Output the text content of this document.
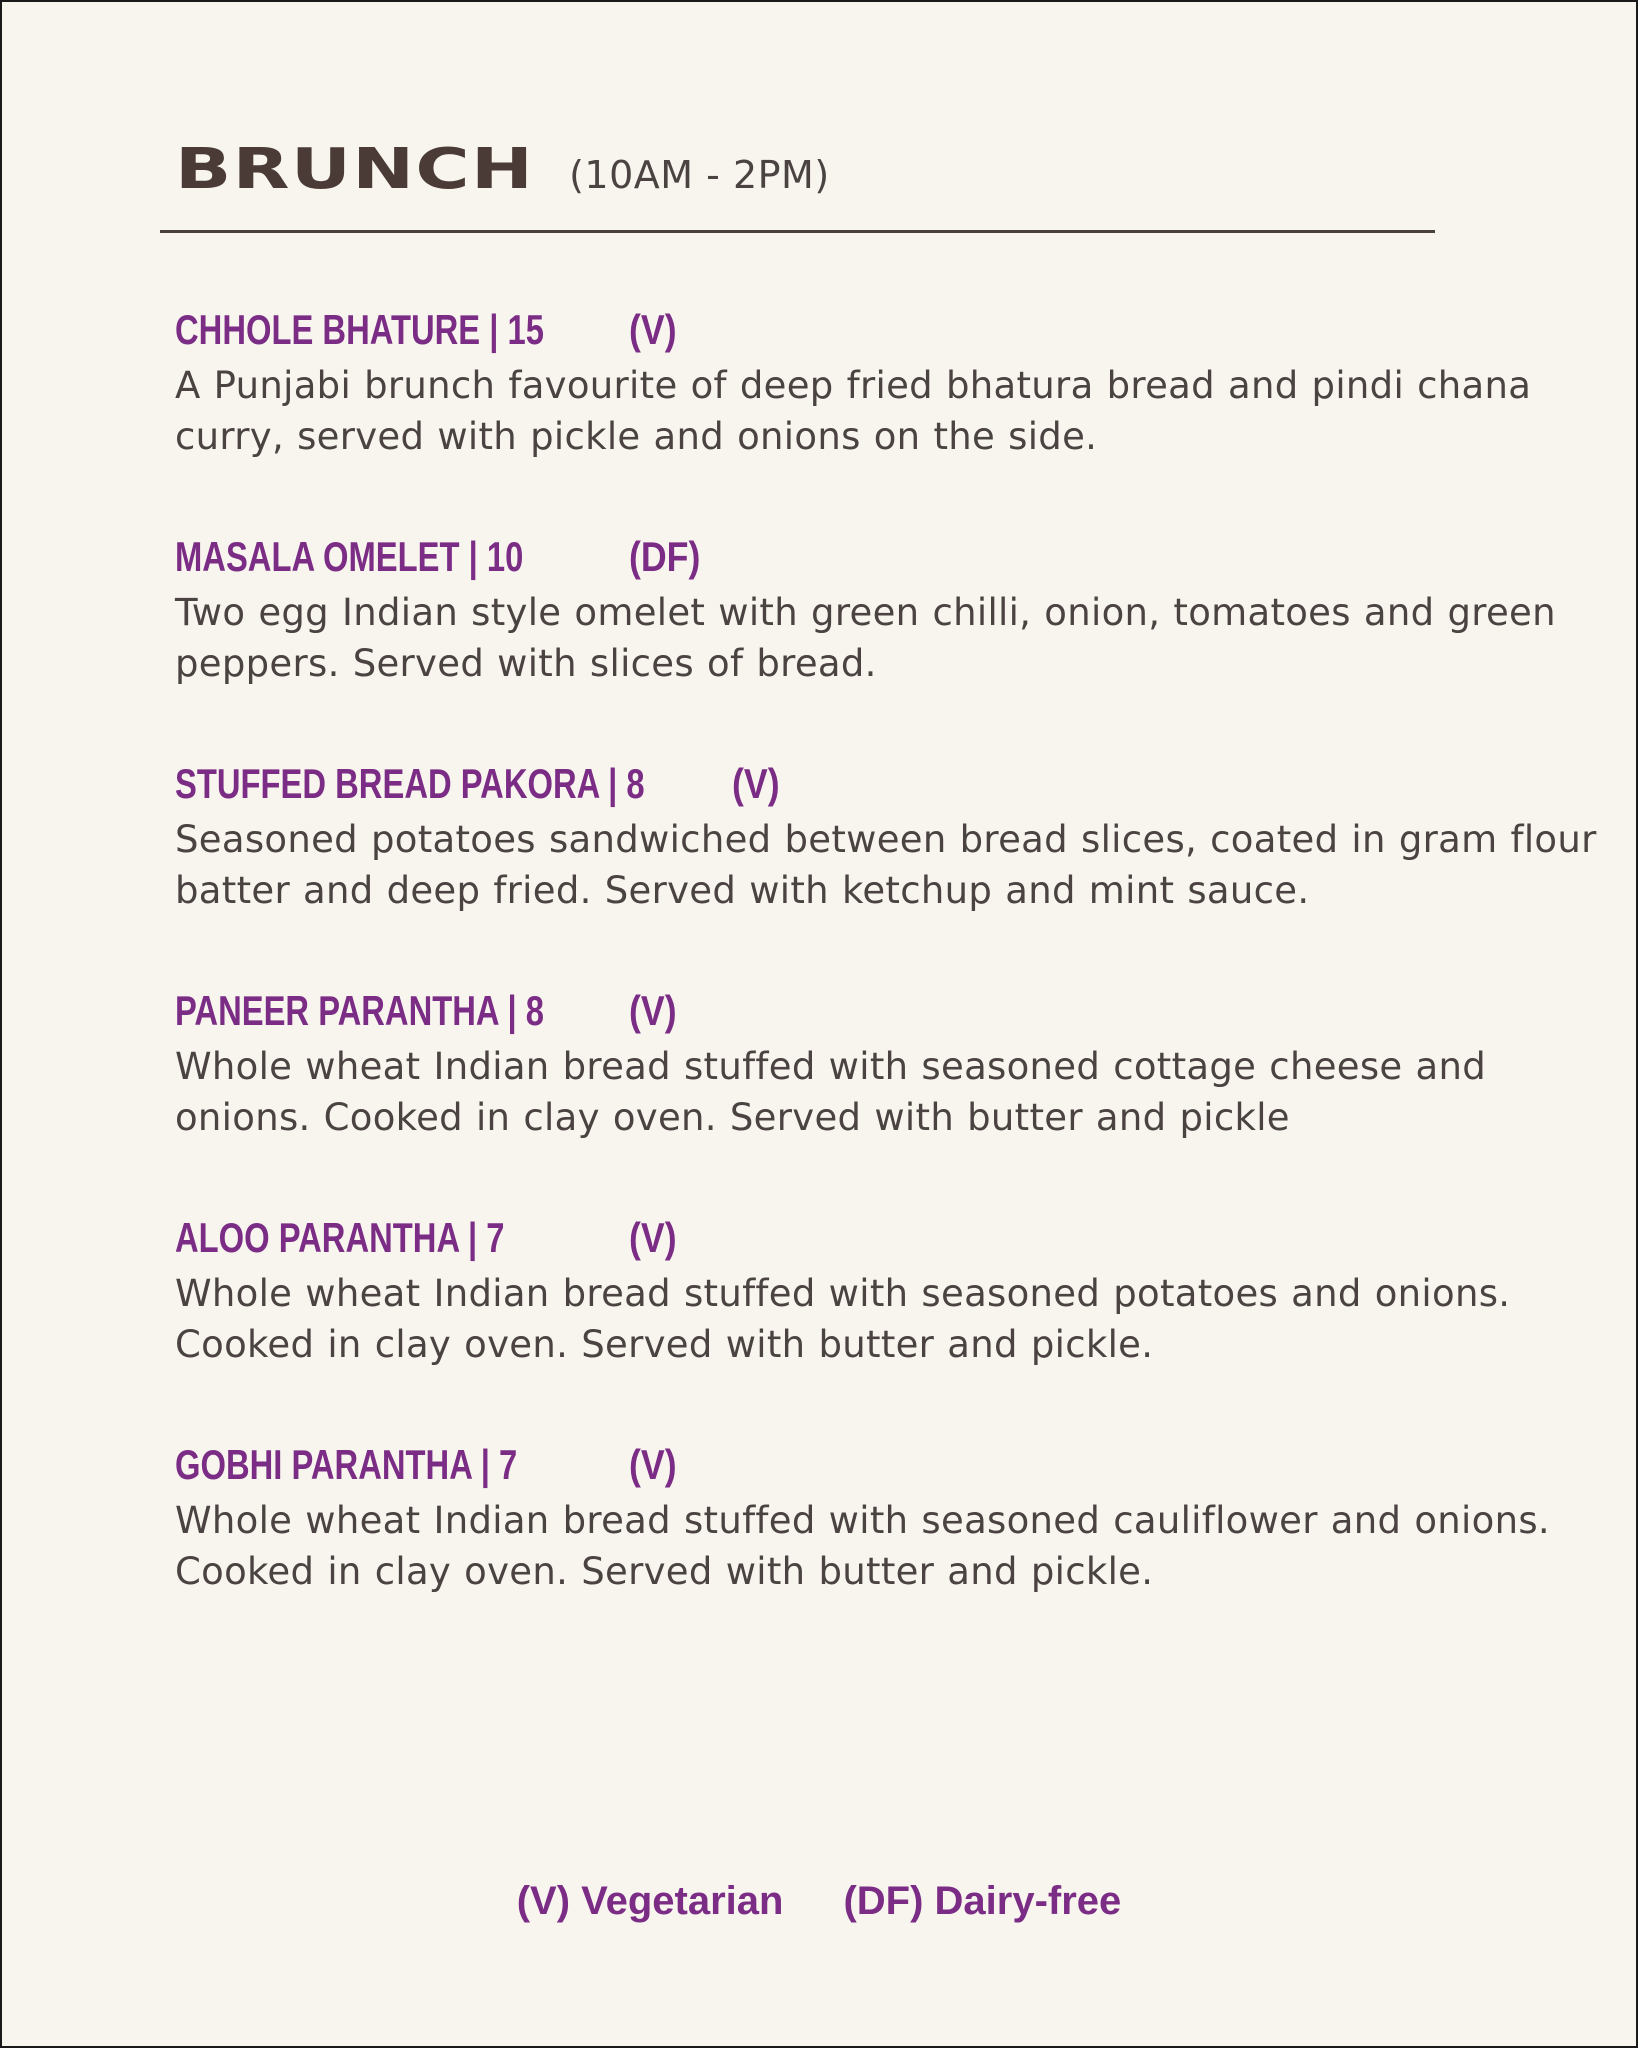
BRUNCH (10AM - 2PM)
CHHOLE BHATURE | 15 (V)
A Punjabi brunch favourite of deep fried bhatura bread and pindi chana curry, served with pickle and onions on the side.
MASALA OMELET | 10	(DF)
Two egg Indian style omelet with green chilli, onion, tomatoes and green peppers. Served with slices of bread.
STUFFED BREAD PAKORA | 8 (V)
Seasoned potatoes sandwiched between bread slices, coated in gram flour batter and deep fried. Served with ketchup and mint sauce.
PANEER PARANTHA | 8 (V)
Whole wheat Indian bread stuffed with seasoned cottage cheese and onions. Cooked in clay oven. Served with butter and pickle
ALOO PARANTHA | 7	(V)
Whole wheat Indian bread stuffed with seasoned potatoes and onions. Cooked in clay oven. Served with butter and pickle.
GOBHI PARANTHA | 7	(V)
Whole wheat Indian bread stuffed with seasoned cauliflower and onions. Cooked in clay oven. Served with butter and pickle.
(V) Vegetarian (DF) Dairy-free
